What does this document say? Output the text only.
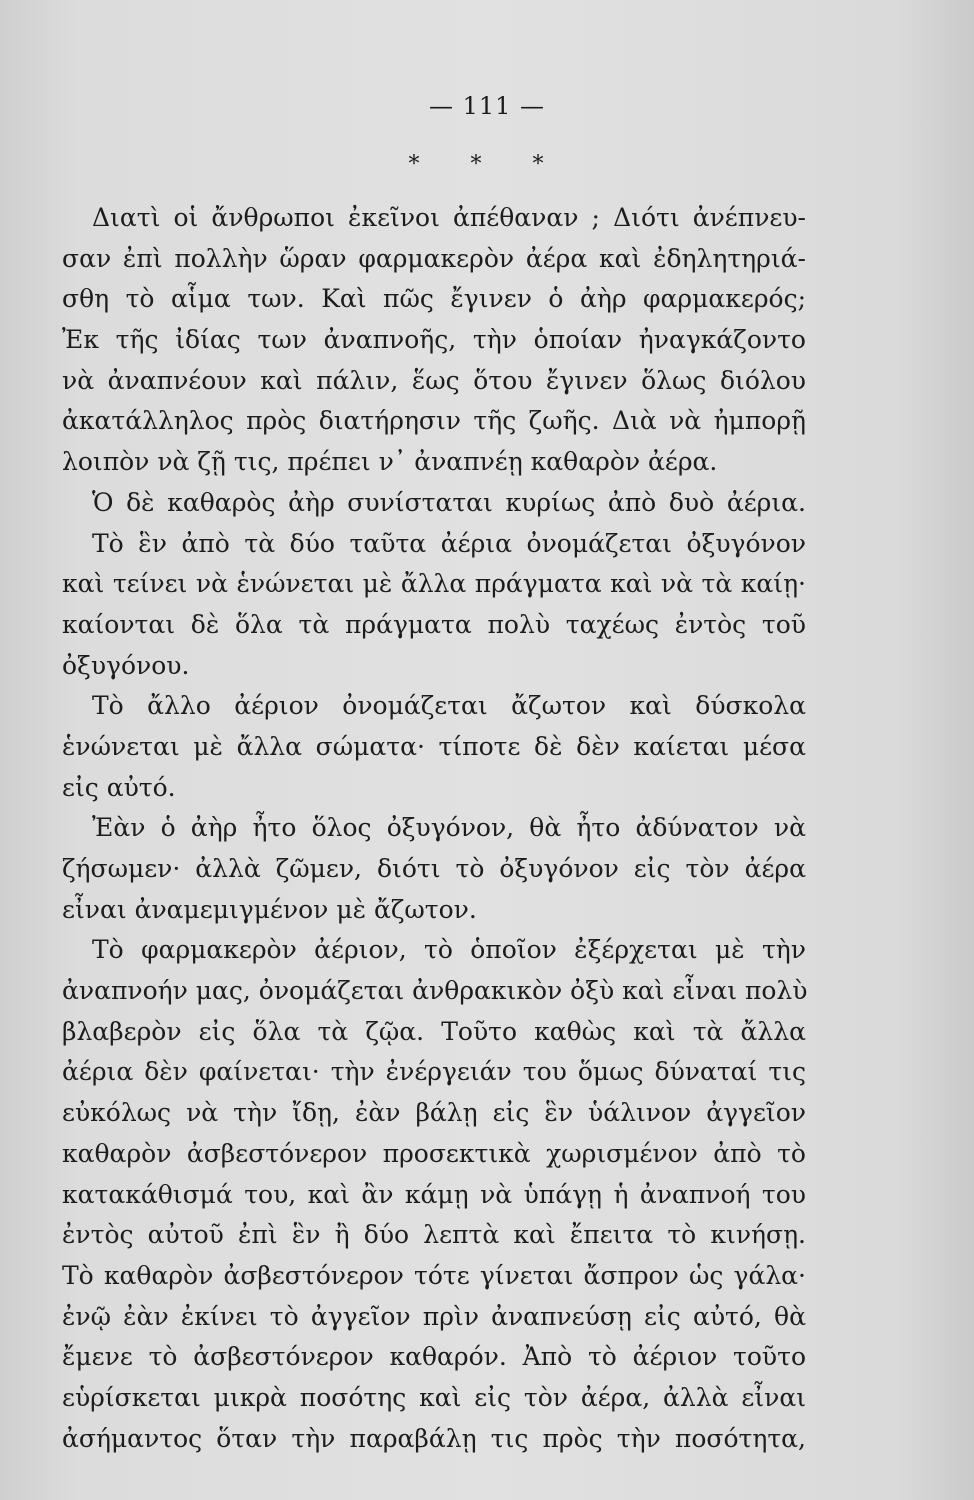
— 111 —
* * *
Διατὶ οἱ ἄνθρωποι ἐκεῖνοι ἀπέθαναν ; Διότι ἀνέπνευ-
σαν ἐπὶ πολλὴν ὥραν φαρμακερὸν ἀέρα καὶ ἐδηλητηριά-
σθη τὸ αἷμα των. Καὶ πῶς ἔγινεν ὁ ἀὴρ φαρμακερός;
Ἐκ τῆς ἰδίας των ἀναπνοῆς, τὴν ὁποίαν ἠναγκάζοντο
νὰ ἀναπνέουν καὶ πάλιν, ἕως ὅτου ἔγινεν ὅλως διόλου
ἀκατάλληλος πρὸς διατήρησιν τῆς ζωῆς. Διὰ νὰ ἠμπορῇ
λοιπὸν νὰ ζῇ τις, πρέπει ν᾽ ἀναπνέῃ καθαρὸν ἀέρα.
Ὁ δὲ καθαρὸς ἀὴρ συνίσταται κυρίως ἀπὸ δυὸ ἀέρια.
Τὸ ἓν ἀπὸ τὰ δύο ταῦτα ἀέρια ὀνομάζεται ὀξυγόνον
καὶ τείνει νὰ ἑνώνεται μὲ ἄλλα πράγματα καὶ νὰ τὰ καίῃ·
καίονται δὲ ὅλα τὰ πράγματα πολὺ ταχέως ἐντὸς τοῦ
ὀξυγόνου.
Τὸ ἄλλο ἀέριον ὀνομάζεται ἄζωτον καὶ δύσκολα
ἑνώνεται μὲ ἄλλα σώματα· τίποτε δὲ δὲν καίεται μέσα
εἰς αὐτό.
Ἐὰν ὁ ἀὴρ ἦτο ὅλος ὀξυγόνον, θὰ ἦτο ἀδύνατον νὰ
ζήσωμεν· ἀλλὰ ζῶμεν, διότι τὸ ὀξυγόνον εἰς τὸν ἀέρα
εἶναι ἀναμεμιγμένον μὲ ἄζωτον.
Τὸ φαρμακερὸν ἀέριον, τὸ ὁποῖον ἐξέρχεται μὲ τὴν
ἀναπνοήν μας, ὀνομάζεται ἀνθρακικὸν ὀξὺ καὶ εἶναι πολὺ
βλαβερὸν εἰς ὅλα τὰ ζῷα. Τοῦτο καθὼς καὶ τὰ ἄλλα
ἀέρια δὲν φαίνεται· τὴν ἐνέργειάν του ὅμως δύναταί τις
εὐκόλως νὰ τὴν ἴδῃ, ἐὰν βάλῃ εἰς ἓν ὑάλινον ἀγγεῖον
καθαρὸν ἀσβεστόνερον προσεκτικὰ χωρισμένον ἀπὸ τὸ
κατακάθισμά του, καὶ ἂν κάμῃ νὰ ὑπάγῃ ἡ ἀναπνοή του
ἐντὸς αὐτοῦ ἐπὶ ἓν ἢ δύο λεπτὰ καὶ ἔπειτα τὸ κινήσῃ.
Τὸ καθαρὸν ἀσβεστόνερον τότε γίνεται ἄσπρον ὡς γάλα·
ἐνῷ ἐὰν ἐκίνει τὸ ἀγγεῖον πρὶν ἀναπνεύσῃ εἰς αὐτό, θὰ
ἔμενε τὸ ἀσβεστόνερον καθαρόν. Ἀπὸ τὸ ἀέριον τοῦτο
εὑρίσκεται μικρὰ ποσότης καὶ εἰς τὸν ἀέρα, ἀλλὰ εἶναι
ἀσήμαντος ὅταν τὴν παραβάλῃ τις πρὸς τὴν ποσότητα,
